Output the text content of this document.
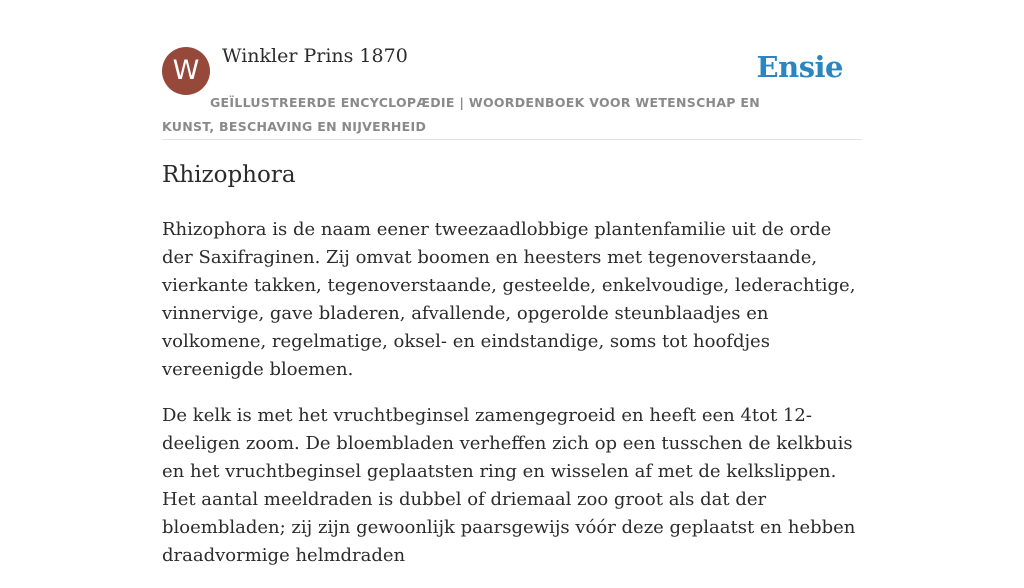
W	Winkler Prins 1870	Ensie
GEÏLLUSTREERDE ENCYCLOPÆDIE | WOORDENBOEK VOOR WETENSCHAP EN KUNST, BESCHAVING EN NIJVERHEID
Rhizophora

Rhizophora is de naam eener tweezaadlobbige plantenfamilie uit de orde der Saxifraginen. Zij omvat boomen en heesters met tegenoverstaande, vierkante takken, tegenoverstaande, gesteelde, enkelvoudige, lederachtige, vinnervige, gave bladeren, afvallende, opgerolde steunblaadjes en volkomene, regelmatige, oksel- en eindstandige, soms tot hoofdjes vereenigde bloemen.

De kelk is met het vruchtbeginsel zamengegroeid en heeft een 4tot 12-deeligen zoom. De bloembladen verheffen zich op een tusschen de kelkbuis en het vruchtbeginsel geplaatsten ring en wisselen af met de kelkslippen. Het aantal meeldraden is dubbel of driemaal zoo groot als dat der bloembladen; zij zijn gewoonlijk paarsgewijs vóór deze geplaatst en hebben draadvormige helmdraden
